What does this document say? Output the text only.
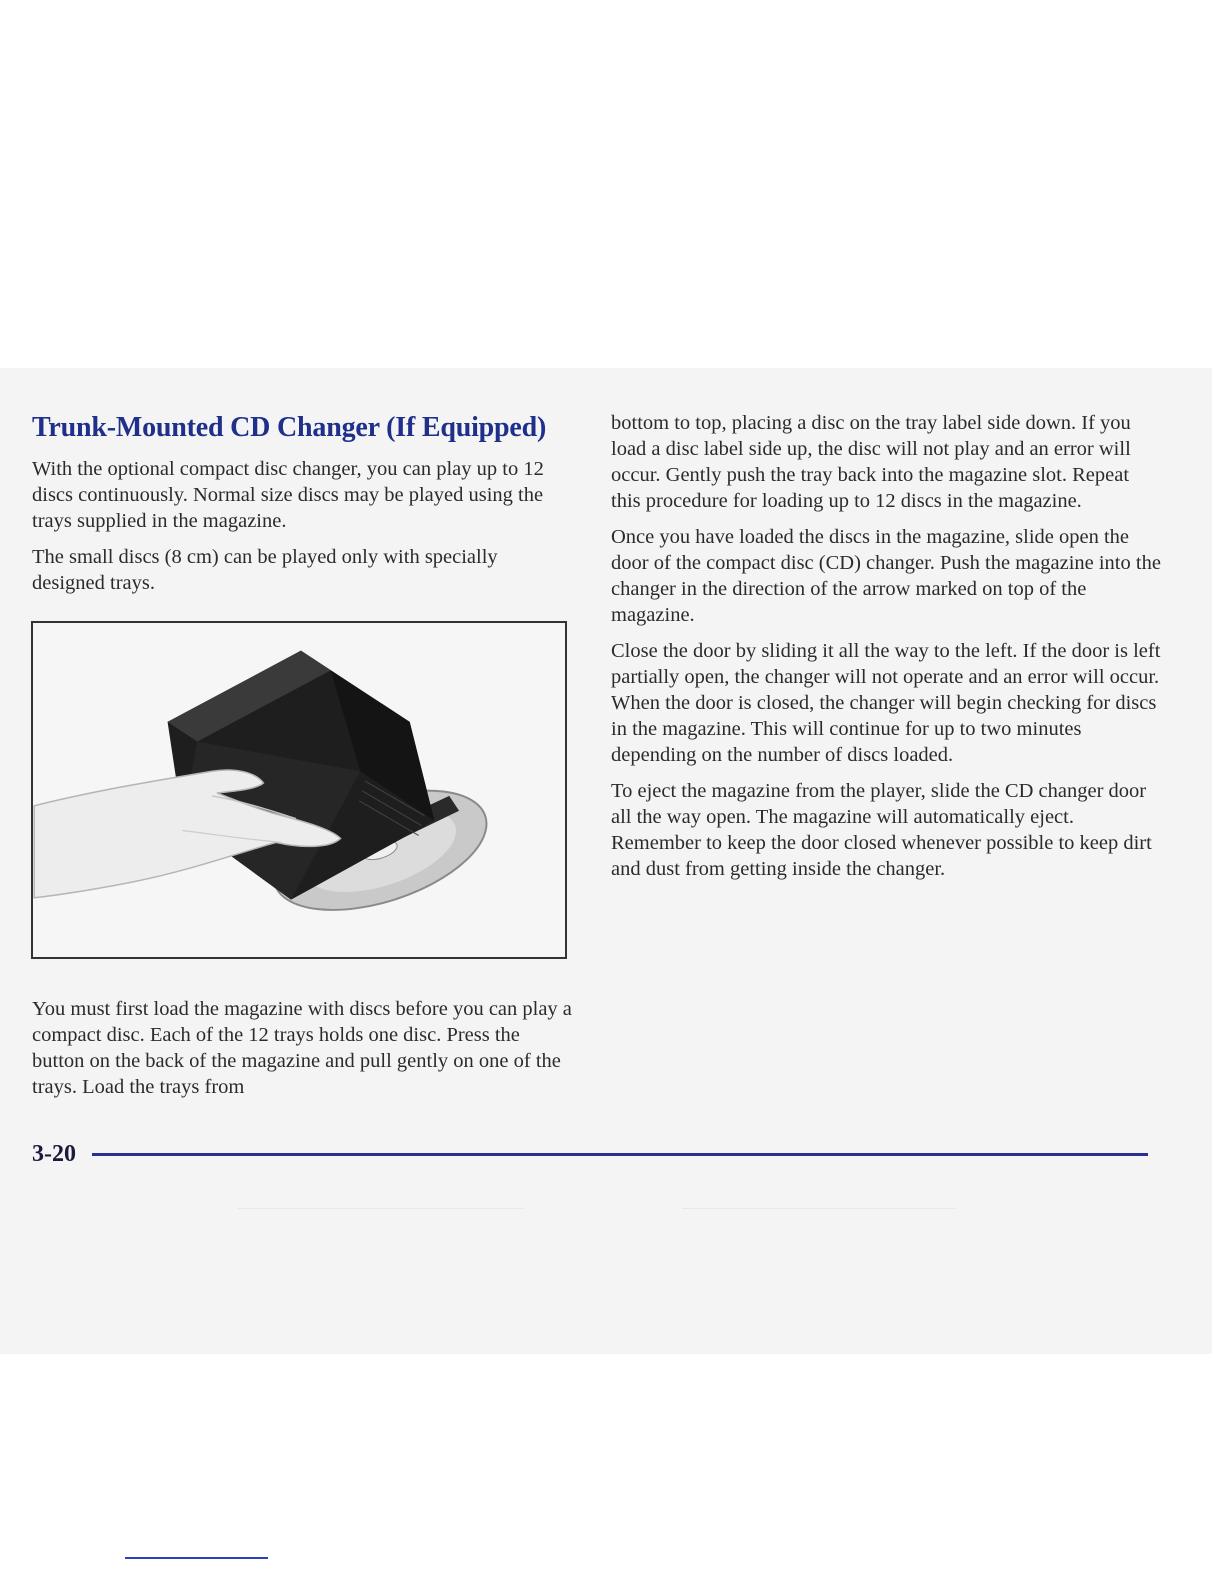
Trunk-Mounted CD Changer (If Equipped)

With the optional compact disc changer, you can play up to 12 discs continuously. Normal size discs may be played using the trays supplied in the magazine.

The small discs (8 cm) can be played only with specially designed trays.

You must first load the magazine with discs before you can play a compact disc. Each of the 12 trays holds one disc. Press the button on the back of the magazine and pull gently on one of the trays. Load the trays from

bottom to top, placing a disc on the tray label side down. If you load a disc label side up, the disc will not play and an error will occur. Gently push the tray back into the magazine slot. Repeat this procedure for loading up to 12 discs in the magazine.

Once you have loaded the discs in the magazine, slide open the door of the compact disc (CD) changer. Push the magazine into the changer in the direction of the arrow marked on top of the magazine.

Close the door by sliding it all the way to the left. If the door is left partially open, the changer will not operate and an error will occur. When the door is closed, the changer will begin checking for discs in the magazine. This will continue for up to two minutes depending on the number of discs loaded.

To eject the magazine from the player, slide the CD changer door all the way open. The magazine will automatically eject. Remember to keep the door closed whenever possible to keep dirt and dust from getting inside the changer.

3-20
